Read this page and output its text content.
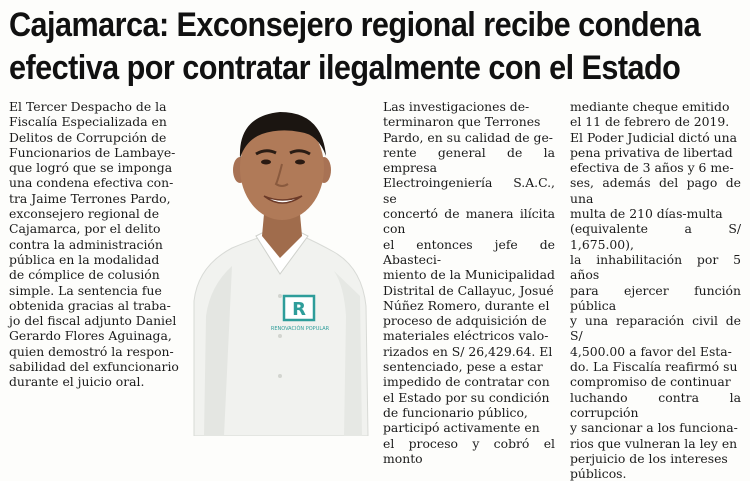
Cajamarca: Exconsejero regional recibe condena
efectiva por contratar ilegalmente con el Estado
El Tercer Despacho de la
Fiscalía Especializada en
Delitos de Corrupción de
Funcionarios de Lambaye-
que logró que se imponga
una condena efectiva con-
tra Jaime Terrones Pardo,
exconsejero regional de
Cajamarca, por el delito
contra la administración
pública en la modalidad
de cómplice de colusión
simple. La sentencia fue
obtenida gracias al traba-
jo del fiscal adjunto Daniel
Gerardo Flores Aguinaga,
quien demostró la respon-
sabilidad del exfuncionario
durante el juicio oral.
R
RENOVACIÓN POPULAR
Las investigaciones de-
terminaron que Terrones
Pardo, en su calidad de ge-
rente general de la empresa
Electroingeniería S.A.C., se
concertó de manera ilícita con
el entonces jefe de Abasteci-
miento de la Municipalidad
Distrital de Callayuc, Josué
Núñez Romero, durante el
proceso de adquisición de
materiales eléctricos valo-
rizados en S/ 26,429.64. El
sentenciado, pese a estar
impedido de contratar con
el Estado por su condición
de funcionario público,
participó activamente en
el proceso y cobró el monto
mediante cheque emitido
el 11 de febrero de 2019.
El Poder Judicial dictó una
pena privativa de libertad
efectiva de 3 años y 6 me-
ses, además del pago de una
multa de 210 días-multa
(equivalente a S/ 1,675.00),
la inhabilitación por 5 años
para ejercer función pública
y una reparación civil de S/
4,500.00 a favor del Esta-
do. La Fiscalía reafirmó su
compromiso de continuar
luchando contra la corrupción
y sancionar a los funciona-
rios que vulneran la ley en
perjuicio de los intereses
públicos.
